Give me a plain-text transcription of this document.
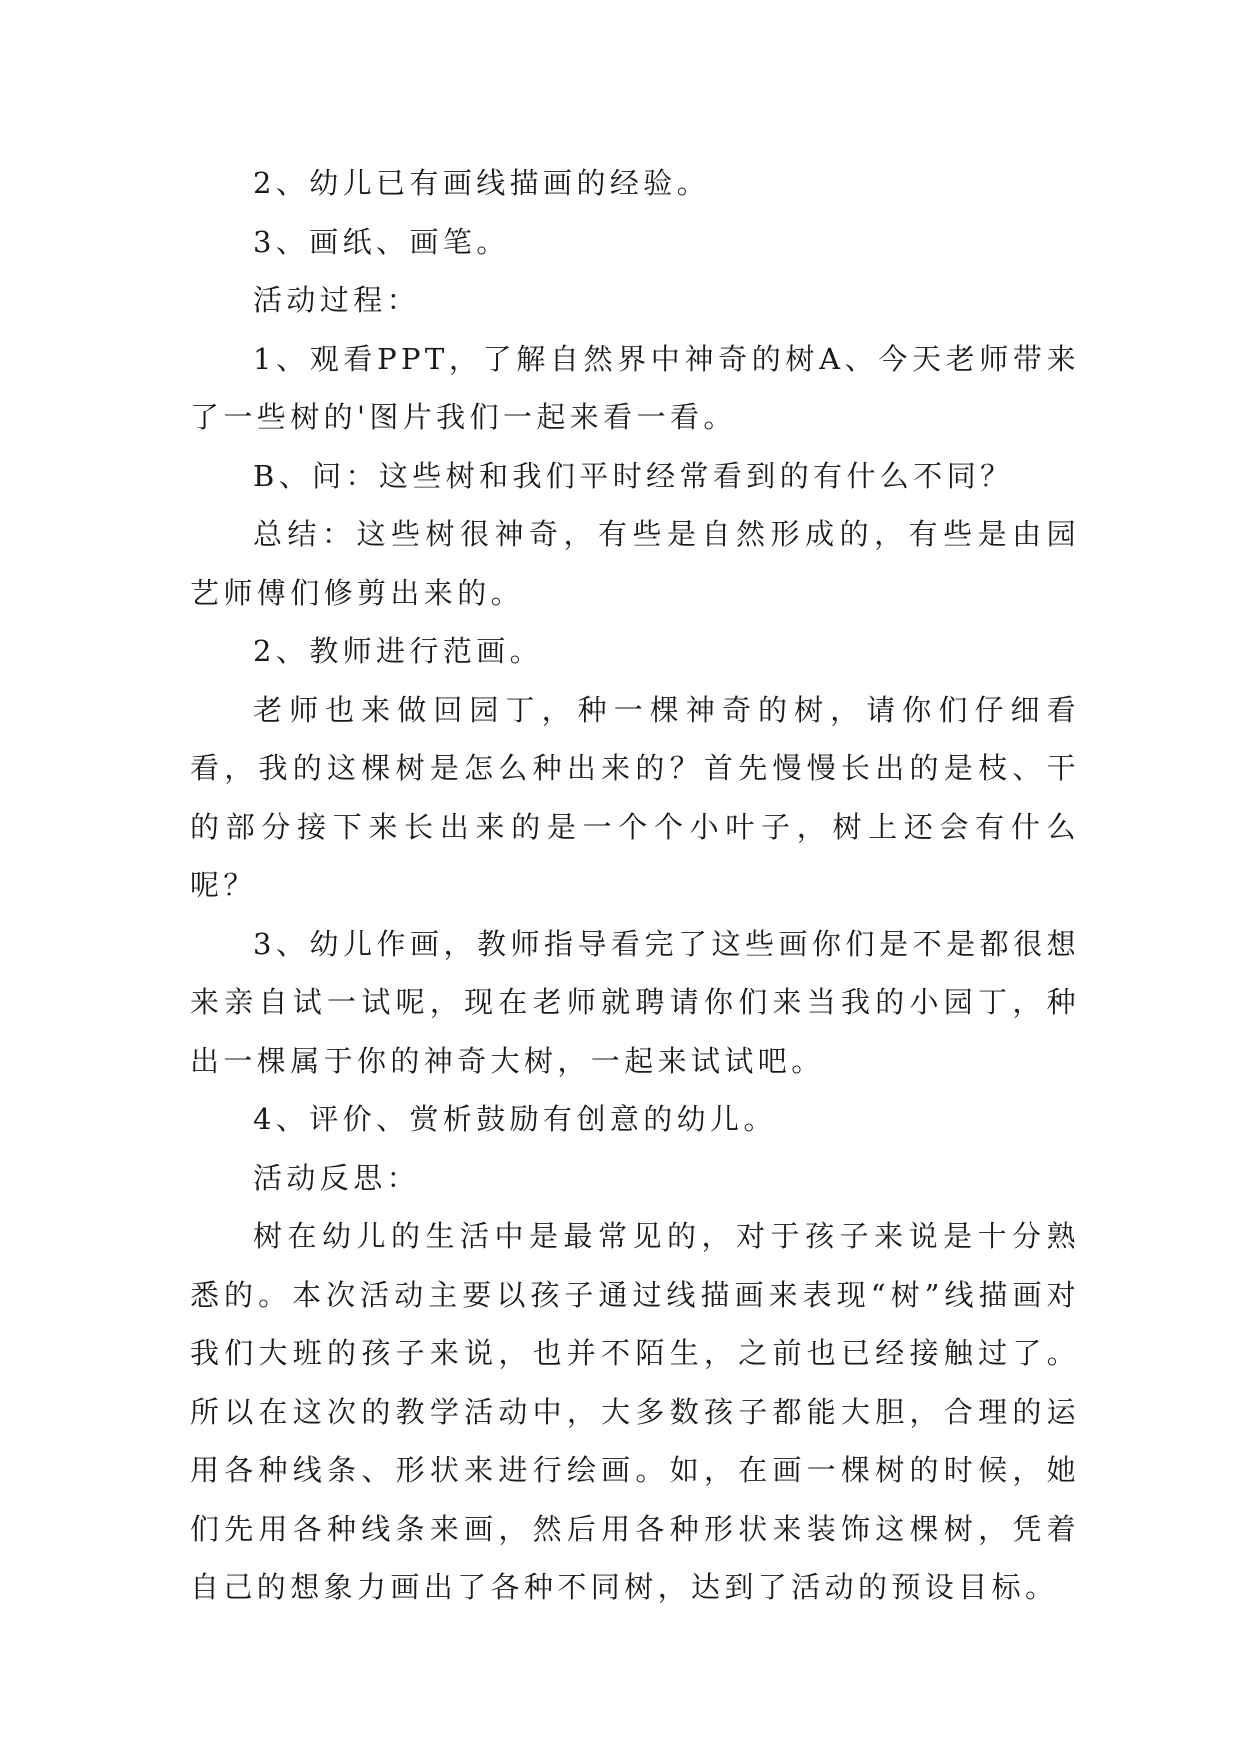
2、幼儿已有画线描画的经验。

3、画纸、画笔。

活动过程：

1、观看PPT，了解自然界中神奇的树A、今天老师带来了一些树的'图片我们一起来看一看。

B、问：这些树和我们平时经常看到的有什么不同？

总结：这些树很神奇，有些是自然形成的，有些是由园艺师傅们修剪出来的。

2、教师进行范画。

老师也来做回园丁，种一棵神奇的树，请你们仔细看看，我的这棵树是怎么种出来的？首先慢慢长出的是枝、干的部分接下来长出来的是一个个小叶子，树上还会有什么呢？

3、幼儿作画，教师指导看完了这些画你们是不是都很想来亲自试一试呢，现在老师就聘请你们来当我的小园丁，种出一棵属于你的神奇大树，一起来试试吧。

4、评价、赏析鼓励有创意的幼儿。

活动反思：

树在幼儿的生活中是最常见的，对于孩子来说是十分熟悉的。本次活动主要以孩子通过线描画来表现“树”线描画对我们大班的孩子来说，也并不陌生，之前也已经接触过了。所以在这次的教学活动中，大多数孩子都能大胆，合理的运用各种线条、形状来进行绘画。如，在画一棵树的时候，她们先用各种线条来画，然后用各种形状来装饰这棵树，凭着自己的想象力画出了各种不同树，达到了活动的预设目标。
